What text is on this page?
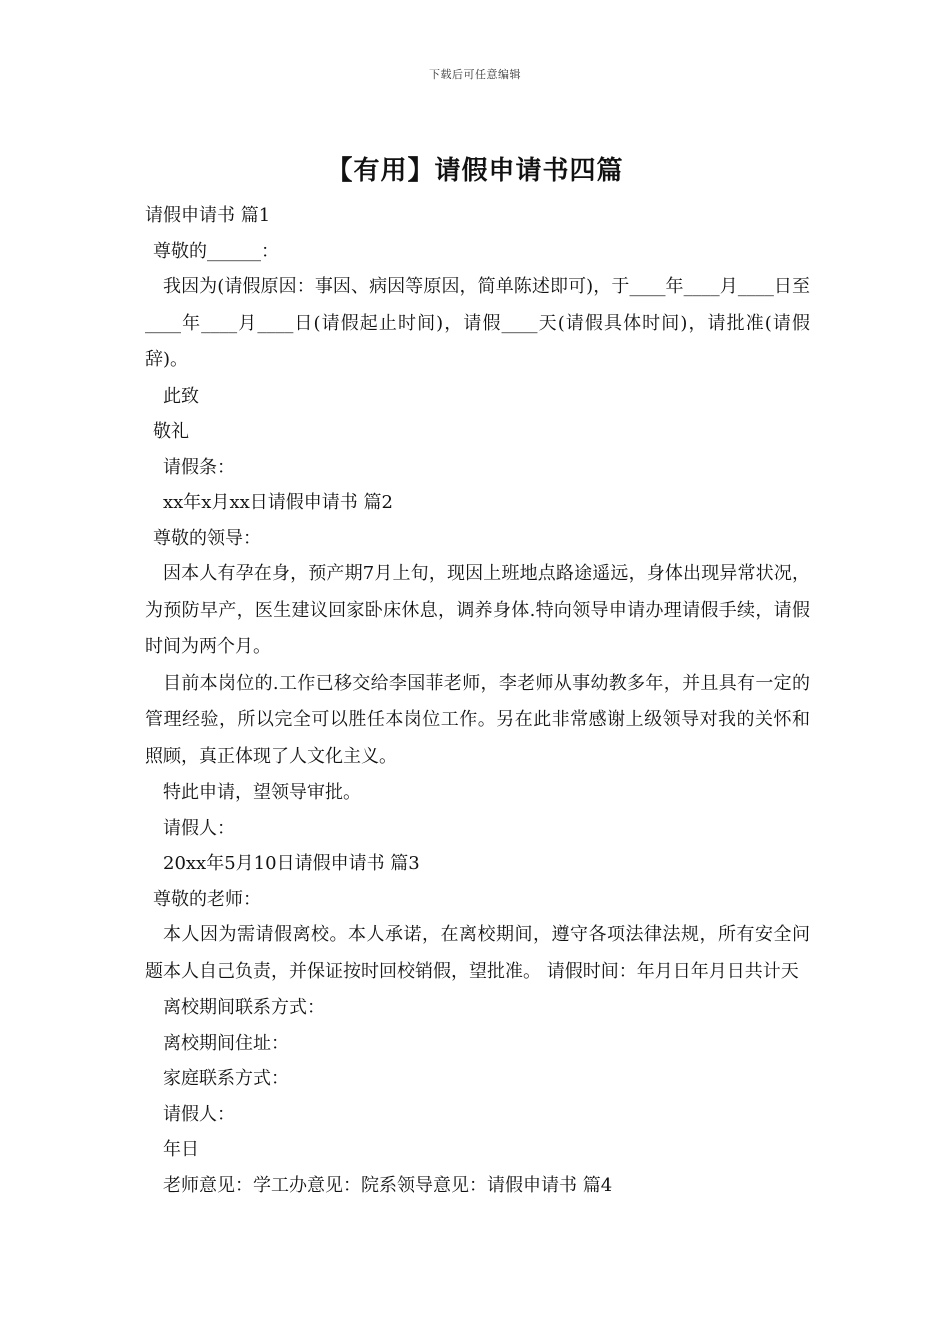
下载后可任意编辑
【有用】请假申请书四篇
请假申请书 篇1
尊敬的______：

我因为(请假原因：事因、病因等原因，简单陈述即可)，于____年____月____日至____年____月____日(请假起止时间)，请假____天(请假具体时间)，请批准(请假辞)。

此致
敬礼
请假条：
xx年x月xx日请假申请书 篇2
尊敬的领导：

因本人有孕在身，预产期7月上旬，现因上班地点路途遥远，身体出现异常状况，为预防早产，医生建议回家卧床休息，调养身体.特向领导申请办理请假手续，请假时间为两个月。

目前本岗位的.工作已移交给李国菲老师，李老师从事幼教多年，并且具有一定的管理经验，所以完全可以胜任本岗位工作。另在此非常感谢上级领导对我的关怀和照顾，真正体现了人文化主义。

特此申请，望领导审批。
请假人：
20xx年5月10日请假申请书 篇3
尊敬的老师：

本人因为需请假离校。本人承诺，在离校期间，遵守各项法律法规，所有安全问题本人自己负责，并保证按时回校销假，望批准。 请假时间：年月日年月日共计天

离校期间联系方式：
离校期间住址：
家庭联系方式：
请假人：
年日
老师意见：学工办意见：院系领导意见：请假申请书 篇4
